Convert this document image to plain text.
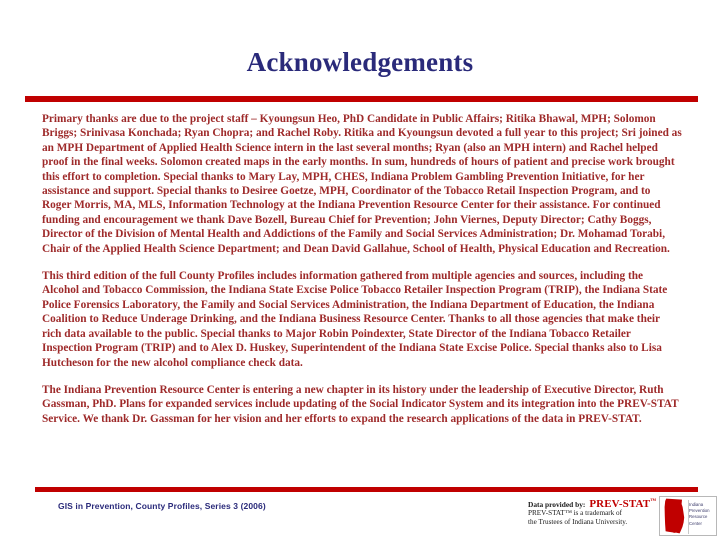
Acknowledgements

Primary thanks are due to the project staff – Kyoungsun Heo, PhD Candidate in Public Affairs; Ritika Bhawal, MPH; Solomon Briggs; Srinivasa Konchada; Ryan Chopra; and Rachel Roby. Ritika and Kyoungsun devoted a full year to this project; Sri joined as an MPH Department of Applied Health Science intern in the last several months; Ryan (also an MPH intern) and Rachel helped proof in the final weeks. Solomon created maps in the early months. In sum, hundreds of hours of patient and precise work brought this effort to completion. Special thanks to Mary Lay, MPH, CHES, Indiana Problem Gambling Prevention Initiative, for her assistance and support. Special thanks to Desiree Goetze, MPH, Coordinator of the Tobacco Retail Inspection Program, and to Roger Morris, MA, MLS, Information Technology at the Indiana Prevention Resource Center for their assistance. For continued funding and encouragement we thank Dave Bozell, Bureau Chief for Prevention; John Viernes, Deputy Director; Cathy Boggs, Director of the Division of Mental Health and Addictions of the Family and Social Services Administration; Dr. Mohamad Torabi, Chair of the Applied Health Science Department; and Dean David Gallahue, School of Health, Physical Education and Recreation.

This third edition of the full County Profiles includes information gathered from multiple agencies and sources, including the Alcohol and Tobacco Commission, the Indiana State Excise Police Tobacco Retailer Inspection Program (TRIP), the Indiana State Police Forensics Laboratory, the Family and Social Services Administration, the Indiana Department of Education, the Indiana Coalition to Reduce Underage Drinking, and the Indiana Business Resource Center. Thanks to all those agencies that make their rich data available to the public. Special thanks to Major Robin Poindexter, State Director of the Indiana Tobacco Retailer Inspection Program (TRIP) and to Alex D. Huskey, Superintendent of the Indiana State Excise Police. Special thanks also to Lisa Hutcheson for the new alcohol compliance check data.

The Indiana Prevention Resource Center is entering a new chapter in its history under the leadership of Executive Director, Ruth Gassman, PhD. Plans for expanded services include updating of the Social Indicator System and its integration into the PREV-STAT Service. We thank Dr. Gassman for her vision and her efforts to expand the research applications of the data in PREV-STAT.

GIS in Prevention, County Profiles, Series 3 (2006)	Data provided by: PREV-STAT™
PREV-STAT™ is a trademark of
the Trustees of Indiana University.
Indiana
Prevention
Resource
Center
